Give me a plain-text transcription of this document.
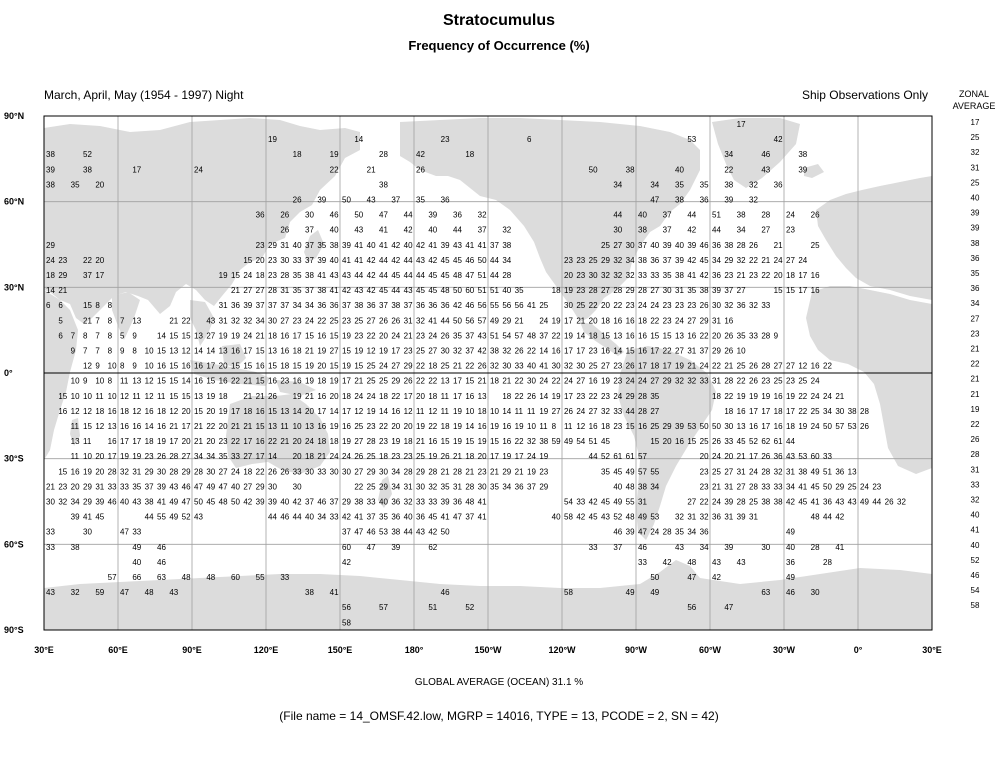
Stratocumulus
Frequency of Occurrence (%)
March, April, May (1954 - 1997) Night	Ship Observations Only	ZONAL
AVERAGE
90°N
60°N
30°N
0°
30°S
60°S
90°S
30°E	60°E	90°E	120°E	150°E	180°	150°W	120°W	90°W	60°W	30°W	0°	30°E
17
19	14	23	6	53	42
38	52	18	19	28	42	18	34	46	38
39	38	17	24	22	21	26	50	38	40	22	43	39
38 35 20	38	34	34 35 35 38 32 36
26 39 50 43 37 35 36	47 38 36 39 32
36 26 30 46 50 47 44 39 36 32	44 40 37 44 51 38 28 24 26
26 37 40 43 41 42 40 44 37 32	30 38 37 42 44 34 27 23
29	23 29 31 40 37 35 38 39 41 40 41 42 40 42 41 39 43 41 41 37 38	25 27 30 37 40 39 40 39 46 36 38 28 26 21	25
24 23 22 20	15 20 23 30 33 37 39 40 41 41 42 44 42 44 43 42 45 45 46 50 44 34	23 23 25 29 32 34 38 36 37 39 42 45 34 29 32 22 21 24 27 24
18 29 37 17	19 15 24 18 23 28 35 38 41 43 43 44 42 44 45 44 44 45 45 48 47 51 44 28	20 23 30 32 32 32 33 33 35 38 41 42 36 23 21 23 22 20 18 17 16
14 21	21 27 27 28 31 35 37 38 41 42 43 42 45 44 43 45 45 48 50 60 51 51 40 35	18 19 23 28 27 28 29 28 27 30 31 35 38 39 37 27	15 15 17 16
6 6	15 8 8	31 36 39 37 37 37 34 34 36 36 37 38 36 37 38 37 36 36 36 42 46 56 55 56 56 41 25 30 25 22 20 22 23 24 24 23 23 23 26 30 32 36 32 33
5	21 7 8 7 13	21 22 43 31 32 32 34 30 27 23 24 22 25 23 25 27 26 26 31 32 41 44 50 56 57 49 29 21 24 19 17 21 20 18 16 16 18 22 23 24 27 29 31 16
6 7 8 7 8 5 9	14 15 15 13 27 19 19 24 21 18 16 17 15 16 15 19 23 22 20 24 21 23 24 26 35 37 43 51 54 57 48 37 22 19 14 18 15 13 16 16 15 15 13 16 22 20 26 35 33 28 9
9 7 7 8 9 8 10 15 13 12 14 14 13 16 17 15 13 16 18 21 19 27 15 19 12 19 17 23 25 27 30 32 37 42 38 32 26 22 14 16 17 17 23 16 14 15 16 17 22 27 31 37 29 26 10
12 9 10 8 9 10 16 15 16 16 17 20 15 15 16 15 18 15 19 20 15 19 15 25 24 27 29 22 18 25 21 22 26 32 30 33 40 41 30 32 30 25 27 23 26 17 18 17 19 21 24 22 21 25 26 28 27 27 12 16 22
10 9 10 8 11 13 12 15 15 14 16 15 16 22 21 15 16 23 16 19 18 19 17 21 25 25 29 26 22 22 13 17 15 21 18 21 22 30 24 22 24 27 16 19 23 24 24 27 29 32 32 33 31 28 22 26 23 25 23 25 24
15 10 10 11 10 12 11 12 11 15 15 13 19 18 21 21 26 19 21 16 20 18 24 24 18 22 17 20 18 11 17 16 13 18 22 26 14 19 17 23 22 23 24 29 28 35	18 22 19 19 19 16 19 22 24 24 21
16 12 12 18 16 18 12 16 18 12 20 15 20 19 17 18 16 15 13 14 20 17 14 17 12 19 14 16 12 11 12 11 19 10 18 10 14 11 11 19 27 26 24 27 32 33 44 28 27	18 16 17 17 18 17 22 25 34 30 38 28
11 15 12 13 16 16 14 16 21 17 21 22 20 21 21 15 13 11 10 13 16 19 16 25 23 22 20 20 19 22 18 19 14 16 19 16 19 10 11 8 11 12 16 18 23 15 16 25 29 39 53 50 50 30 13 16 17 16 18 19 24 50 57 53 26
13 11 16 17 17 18 19 17 20 21 20 23 22 17 16 22 21 20 24 18 18 19 27 28 23 19 18 21 16 15 19 15 19 15 16 22 32 38 59 49 54 51 45	15 20 16 15 25 26 33 45 52 62 61 44
11 10 20 17 19 19 23 26 28 27 34 34 35 33 27 17 14 20 18 21 24 24 26 25 18 23 23 25 19 26 21 18 20 17 19 17 24 19	44 52 61 61 57	20 24 20 21 17 26 36 43 53 60 33
15 16 19 20 28 32 31 29 30 28 29 28 30 27 24 18 22 26 26 33 30 33 30 30 27 29 30 34 28 29 28 21 28 21 23 21 29 21 19 23	35 45 49 57 55	23 25 27 31 24 28 32 31 38 49 51 36 13
21 23 20 29 31 33 33 35 37 39 43 46 47 49 47 40 27 29 30 30	22 25 29 34 31 30 32 35 31 28 30 35 34 36 37 29	40 48 38 34	23 21 31 27 28 33 33 34 41 45 50 29 25 24 23
30 32 34 29 39 46 40 43 38 41 49 47 50 45 48 50 42 39 39 40 42 37 46 37 29 38 33 40 36 32 33 33 39 36 48 41	54 33 42 45 49 55 31	27 22 24 39 28 25 38 38 42 45 41 36 43 43 49 44 26 32
39 41 45	44 55 49 52 43	44 46 44 40 34 33 42 41 37 35 36 40 36 45 41 47 37 41	40 58 42 45 43 52 48 49 53 32 31 32 36 31 39 31	48 44 42
33	30	47 33	37 47 46 53 38 44 43 42 50	46 39 47 24 28 35 34 36	49
33 38	49 46	60 47 39	62	33 37 46	43 34 39	30 40 28 41
40 46	42	33 42 48 43 43	36	28
57 66 63 48 48 60 55 33	50	47 42	49
43 32 59 47 48 43	38 41	46	58	49 49	63 46 30
56	57	51	52	56	47
58
17
25
32
31
25
40
39
39
38
36
35
36
34
27
23
21
22
21
21
19
22
26
28
31
33
32
40
41
40
52
46
54
58
GLOBAL AVERAGE (OCEAN) 31.1 %
(File name = 14_OMSF.42.low, MGRP = 14016, TYPE = 13, PCODE = 2, SN = 42)
